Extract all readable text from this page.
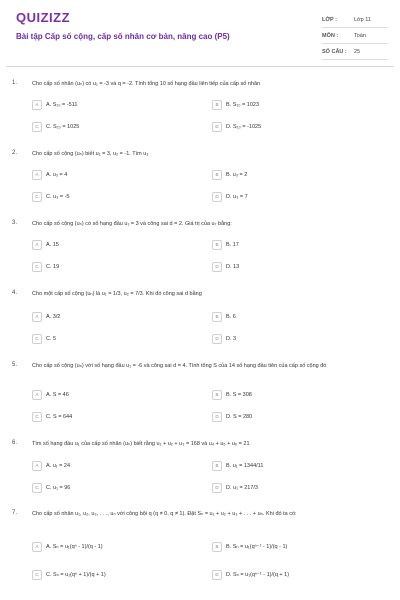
QUIZIZZ
Bài tập Cấp số cộng, cấp số nhân cơ bản, nâng cao (P5)
LỚP :	Lớp 11
MÔN :	Toán
SỐ CÂU :	25
1.	Cho cấp số nhân (uₙ) có u₁ = -3 và q = -2. Tính tổng 10 số hạng đầu liên tiếp của cấp số nhân
A A. S₁₀ = -511	B B. S₁₀ = 1023
C C. S₁₀ = 1025	D D. S₁₀ = -1025
2.	Cho cấp số cộng (uₙ) biết u₁ = 3, u₂ = -1. Tìm u₃
A A. u₃ = 4	B B. u₃ = 2
C C. u₃ = -5	D D. u₃ = 7
3.	Cho cấp số cộng (uₙ) có số hạng đầu u₁ = 3 và công sai d = 2. Giá trị của u₇ bằng:
A A. 15	B B. 17
C C. 19	D D. 13
4.	Cho một cấp số cộng (uₙ) là u₁ = 1/3, u₂ = 7/3. Khi đó công sai d bằng
A A. 3/2	B B. 6
C C. 5	D D. 3
5.	Cho cấp số cộng (uₙ) với số hạng đầu u₁ = -6 và công sai d = 4. Tính tổng S của 14 số hạng đầu tiên của cấp số cộng đó
A A. S = 46	B B. S = 308
C C. S = 644	D D. S = 280
6.	Tìm số hạng đầu u₁ của cấp số nhân (uₙ) biết rằng u₁ + u₂ + u₃ = 168 và u₄ + u₅ + u₆ = 21
A A. u₁ = 24	B B. u₁ = 1344/11
C C. u₁ = 96	D D. u₁ = 217/3
7.	Cho cấp số nhân u₁, u₂, u₃, . . ., uₙ với công bội q (q ≠ 0, q ≠ 1). Đặt Sₙ = u₁ + u₂ + u₃ + . . . + uₙ. Khi đó ta có:
A A. Sₙ = u₁(qⁿ - 1)/(q - 1)	B B. Sₙ = u₁(qⁿ⁻¹ - 1)/(q - 1)
C C. Sₙ = u₁(qⁿ + 1)/(q + 1)	D D. Sₙ = u₁(qⁿ⁻¹ - 1)/(q + 1)
